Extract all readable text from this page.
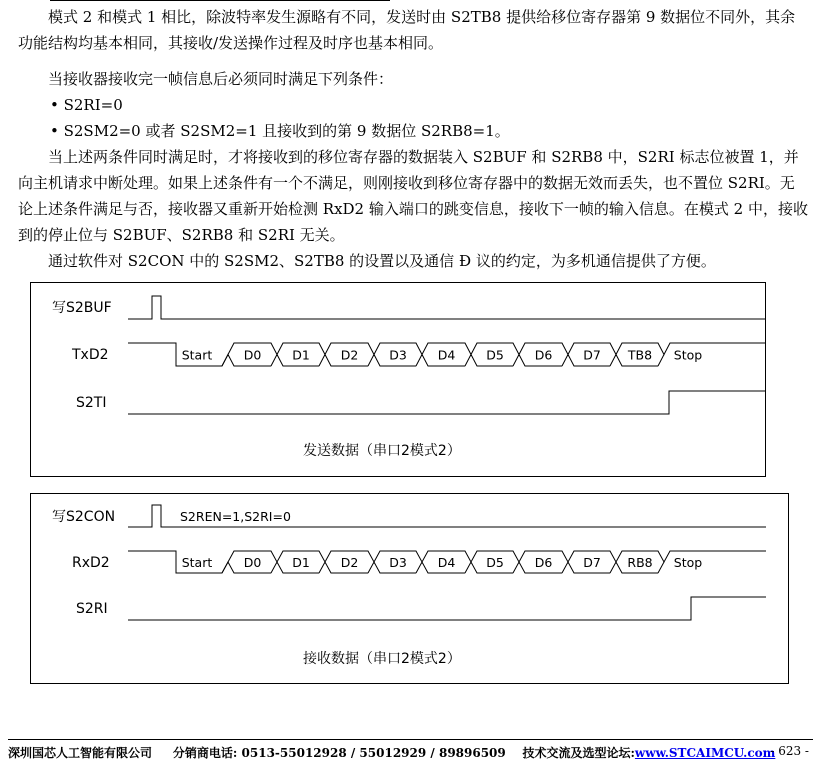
模式 2 和模式 1 相比，除波特率发生源略有不同，发送时由 S2TB8 提供给移位寄存器第 9 数据位不同外，其余功能结构均基本相同，其接收/发送操作过程及时序也基本相同。

当接收器接收完一帧信息后必须同时满足下列条件：

• S2RI=0
• S2SM2=0 或者 S2SM2=1 且接收到的第 9 数据位 S2RB8=1。

当上述两条件同时满足时，才将接收到的移位寄存器的数据装入 S2BUF 和 S2RB8 中，S2RI 标志位被置 1，并向主机请求中断处理。如果上述条件有一个不满足，则刚接收到移位寄存器中的数据无效而丢失，也不置位 S2RI。无论上述条件满足与否，接收器又重新开始检测 RxD2 输入端口的跳变信息，接收下一帧的输入信息。在模式 2 中，接收到的停止位与 S2BUF、S2RB8 和 S2RI 无关。

通过软件对 S2CON 中的 S2SM2、S2TB8 的设置以及通信 Ð 议的约定，为多机通信提供了方便。

写S2BUF
TxD2
S2TI
发送数据（串口2模式2）
写S2CON
RxD2
S2RI
接收数据（串口2模式2）
S2REN=1,S2RI=0
Start	D0 D1 D2 D3 D4 D5 D6 D7 TB8 Stop
Start	D0 D1 D2 D3 D4 D5 D6 D7 RB8 Stop
深圳国芯人工智能有限公司 分销商电话: 0513-55012928 / 55012929 / 89896509 技术交流及选型论坛:www.STCAIMCU.com
- 623 -
